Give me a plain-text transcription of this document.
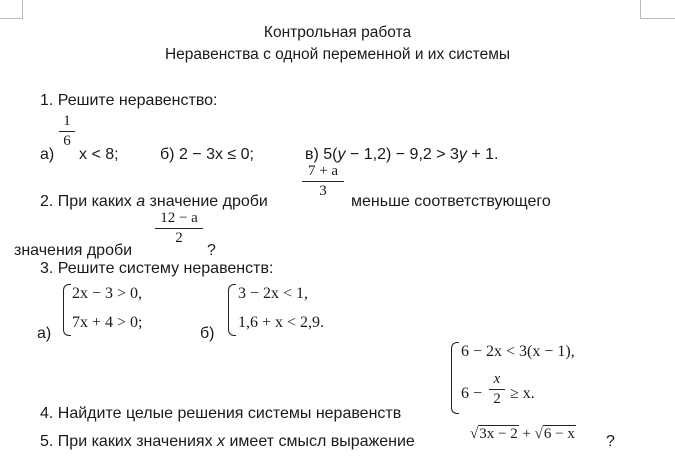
Контрольная работа
Неравенства с одной переменной и их системы
1. Решите неравенство:
а)
1
6
x < 8;	б) 2 − 3x ≤ 0;	в) 5(y − 1,2) − 9,2 > 3y + 1.
2. При каких a значение дроби
7 + a
3
меньше соответствующего
значения дроби
12 − a
2
?
3. Решите систему неравенств:
а)
2x − 3 > 0,
7x + 4 > 0;
б)
3 − 2x < 1,
1,6 + x < 2,9.
6 − 2x < 3(x − 1),
6 −
x
2 ≥ x.
4. Найдите целые решения системы неравенств
5. При каких значениях x имеет смысл выражение	√3x − 2 + √6 − x ?
